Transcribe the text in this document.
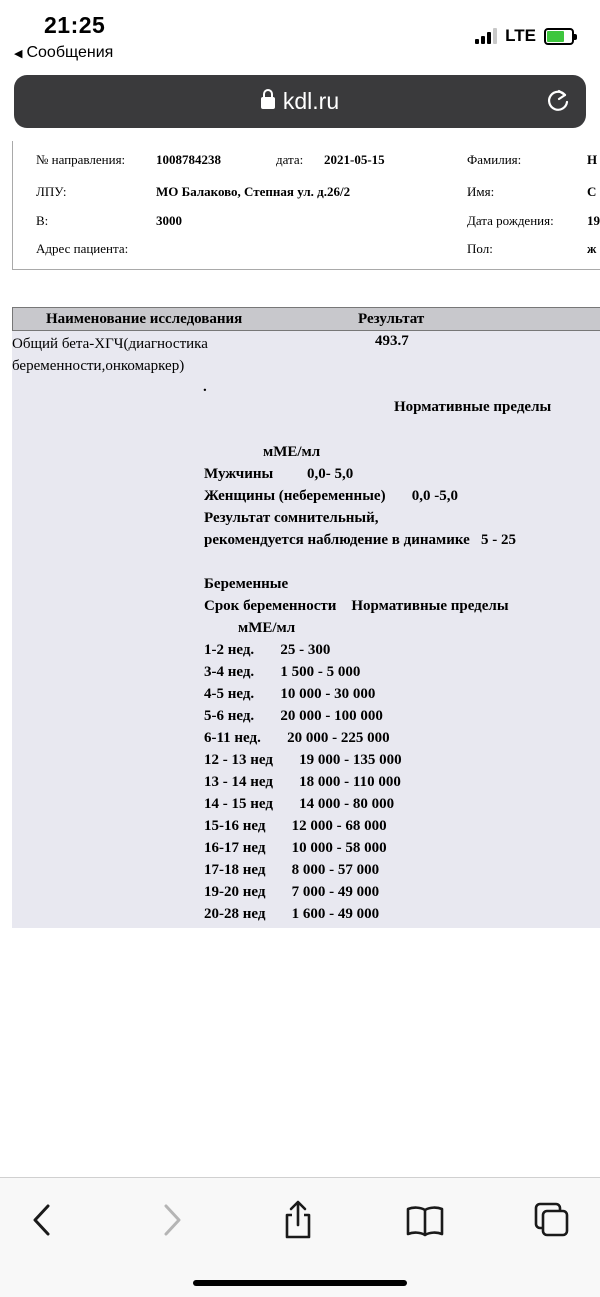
21:25
◀ Сообщения
LTE
kdl.ru
№ направления: 1008784238	дата: 2021-05-15	Фамилия:	Н
ЛПУ:	МО Балаково, Степная ул. д.26/2	Имя:	С
В:	3000	Дата рождения:	19
Адрес пациента:	Пол:	ж
Наименование исследования	Результат
Общий бета-ХГЧ(диагностика
беременности,онкомаркер)
493.7
.
Нормативные пределы
мМЕ/мл
Мужчины         0,0- 5,0
Женщины (небеременные)       0,0 -5,0
Результат сомнительный,
рекомендуется наблюдение в динамике   5 - 25
Беременные
Срок беременности    Нормативные пределы
мМЕ/мл
1-2 нед.       25 - 300
3-4 нед.       1 500 - 5 000
4-5 нед.       10 000 - 30 000
5-6 нед.       20 000 - 100 000
6-11 нед.       20 000 - 225 000
12 - 13 нед       19 000 - 135 000
13 - 14 нед       18 000 - 110 000
14 - 15 нед       14 000 - 80 000
15-16 нед       12 000 - 68 000
16-17 нед       10 000 - 58 000
17-18 нед       8 000 - 57 000
19-20 нед       7 000 - 49 000
20-28 нед       1 600 - 49 000
